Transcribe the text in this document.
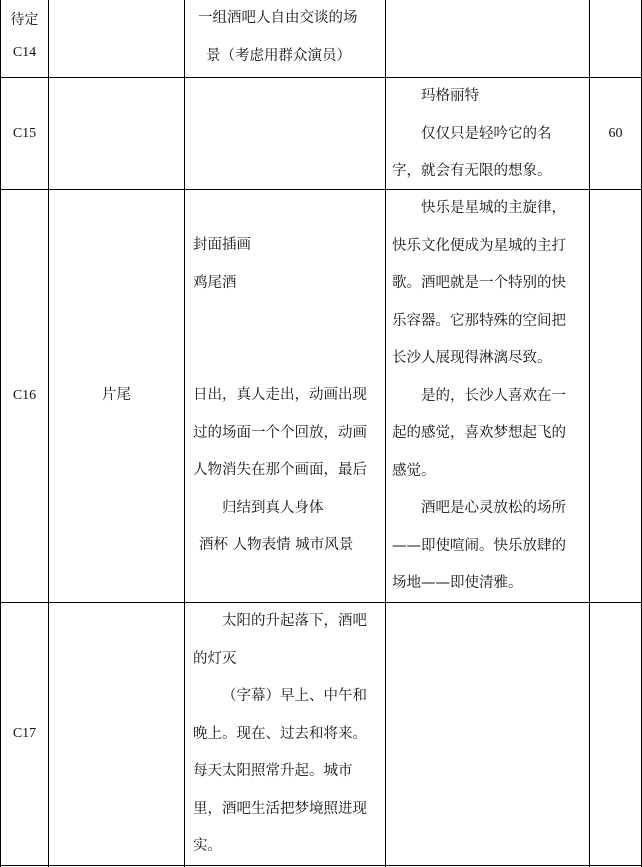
待定
C14
一组酒吧人自由交谈的场
景（考虑用群众演员）
C15
玛格丽特
仅仅只是轻吟它的名
字，就会有无限的想象。
60
C16	片尾
封面插画
鸡尾酒

日出，真人走出，动画出现
过的场面一个个回放，动画
人物消失在那个画面，最后
归结到真人身体
酒杯 人物表情 城市风景
快乐是星城的主旋律，
快乐文化便成为星城的主打
歌。酒吧就是一个特别的快
乐容器。它那特殊的空间把
长沙人展现得淋漓尽致。
是的，长沙人喜欢在一
起的感觉，喜欢梦想起飞的
感觉。
酒吧是心灵放松的场所
——即使喧闹。快乐放肆的
场地——即使清雅。
C17
太阳的升起落下，酒吧
的灯灭
（字幕）早上、中午和
晚上。现在、过去和将来。
每天太阳照常升起。城市
里，酒吧生活把梦境照进现
实。
